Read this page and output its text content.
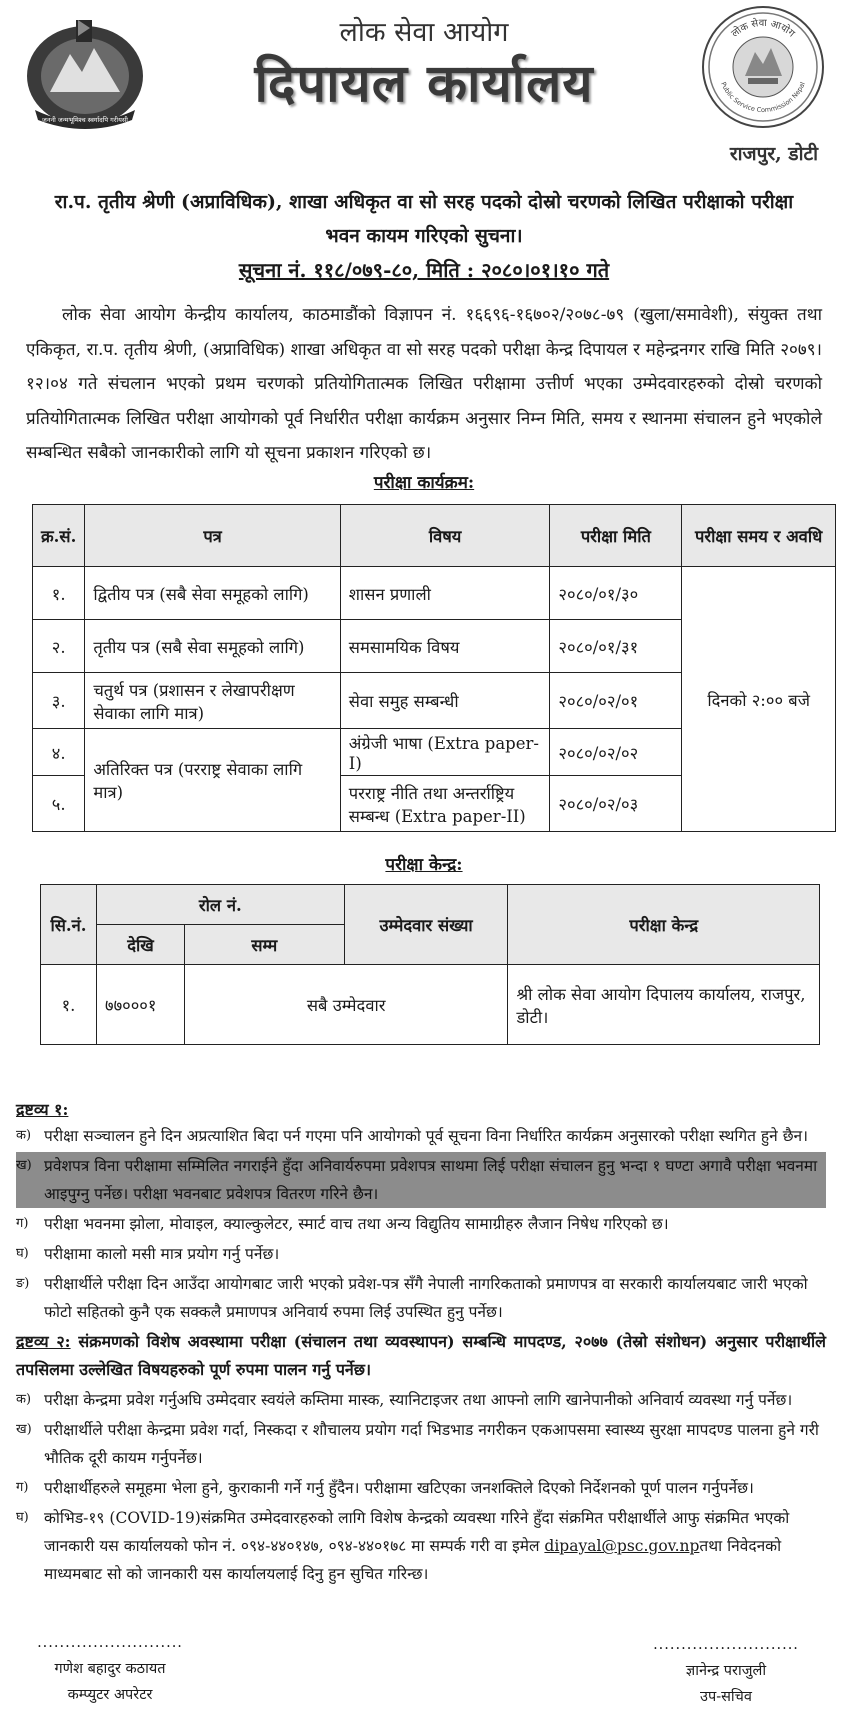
जननी जन्मभूमिश्च स्वर्गादपि गरीयसी
लोक सेवा आयोग
Public Service Commission Nepal
लोक सेवा आयोग
दिपायल कार्यालय
राजपुर, डोटी
रा.प. तृतीय श्रेणी (अप्राविधिक), शाखा अधिकृत वा सो सरह पदको दोस्रो चरणको लिखित परीक्षाको परीक्षा
भवन कायम गरिएको सुचना।
सूचना नं. ११८/०७९-८०, मिति : २०८०।०१।१० गते
लोक सेवा आयोग केन्द्रीय कार्यालय, काठमाडौंको विज्ञापन नं. १६६९६-१६७०२/२०७८-७९ (खुला/समावेशी), संयुक्त तथा एकिकृत, रा.प. तृतीय श्रेणी, (अप्राविधिक) शाखा अधिकृत वा सो सरह पदको परीक्षा केन्द्र दिपायल र महेन्द्रनगर राखि मिति २०७९।१२।०४ गते संचलान भएको प्रथम चरणको प्रतियोगितात्मक लिखित परीक्षामा उत्तीर्ण भएका उम्मेदवारहरुको दोस्रो चरणको प्रतियोगितात्मक लिखित परीक्षा आयोगको पूर्व निर्धारीत परीक्षा कार्यक्रम अनुसार निम्न मिति, समय र स्थानमा संचालन हुने भएकोले सम्बन्धित सबैको जानकारीको लागि यो सूचना प्रकाशन गरिएको छ।
परीक्षा कार्यक्रम:
क्र.सं.	पत्र	विषय	परीक्षा मिति	परीक्षा समय र अवधि
१.	द्वितीय पत्र (सबै सेवा समूहको लागि)	शासन प्रणाली	२०८०/०१/३०	दिनको २:०० बजे
२.	तृतीय पत्र (सबै सेवा समूहको लागि)	समसामयिक विषय	२०८०/०१/३१	
३.	चतुर्थ पत्र (प्रशासन र लेखापरीक्षण सेवाका लागि मात्र)	सेवा समुह सम्बन्धी	२०८०/०२/०१	
४.	अतिरिक्त पत्र (परराष्ट्र सेवाका लागि मात्र)	अंग्रेजी भाषा (Extra paper-I)	२०८०/०२/०२	
५.		परराष्ट्र नीति तथा अन्तर्राष्ट्रिय सम्बन्ध (Extra paper-II)	२०८०/०२/०३	
परीक्षा केन्द्र:
सि.नं.	रोल नं.		उम्मेदवार संख्या	परीक्षा केन्द्र
	देखि	सम्म		
१.	७७०००१	सबै उम्मेदवार		श्री लोक सेवा आयोग दिपालय कार्यालय, राजपुर, डोटी।
द्रष्टव्य १:
क) परीक्षा सञ्चालन हुने दिन अप्रत्याशित बिदा पर्न गएमा पनि आयोगको पूर्व सूचना विना निर्धारित कार्यक्रम अनुसारको परीक्षा स्थगित हुने छैन।
ख) प्रवेशपत्र विना परीक्षामा सम्मिलित नगराईने हुँदा अनिवार्यरुपमा प्रवेशपत्र साथमा लिई परीक्षा संचालन हुनु भन्दा १ घण्टा अगावै परीक्षा भवनमा आइपुग्नु पर्नेछ। परीक्षा भवनबाट प्रवेशपत्र वितरण गरिने छैन।
ग)	परीक्षा भवनमा झोला, मोवाइल, क्याल्कुलेटर, स्मार्ट वाच तथा अन्य विद्युतिय सामाग्रीहरु लैजान निषेध गरिएको छ।
घ) परीक्षामा कालो मसी मात्र प्रयोग गर्नु पर्नेछ।
ङ) परीक्षार्थीले परीक्षा दिन आउँदा आयोगबाट जारी भएको प्रवेश-पत्र सँगै नेपाली नागरिकताको प्रमाणपत्र वा सरकारी कार्यालयबाट जारी भएको फोटो सहितको कुनै एक सक्कलै प्रमाणपत्र अनिवार्य रुपमा लिई उपस्थित हुनु पर्नेछ।
द्रष्टव्य २: संक्रमणको विशेष अवस्थामा परीक्षा (संचालन तथा व्यवस्थापन) सम्बन्धि मापदण्ड, २०७७ (तेस्रो संशोधन) अनुसार परीक्षार्थीले तपसिलमा उल्लेखित विषयहरुको पूर्ण रुपमा पालन गर्नु पर्नेछ।
क) परीक्षा केन्द्रमा प्रवेश गर्नुअघि उम्मेदवार स्वयंले कम्तिमा मास्क, स्यानिटाइजर तथा आफ्नो लागि खानेपानीको अनिवार्य व्यवस्था गर्नु पर्नेछ।
ख) परीक्षार्थीले परीक्षा केन्द्रमा प्रवेश गर्दा, निस्कदा र शौचालय प्रयोग गर्दा भिडभाड नगरीकन एकआपसमा स्वास्थ्य सुरक्षा मापदण्ड पालना हुने गरी भौतिक दूरी कायम गर्नुपर्नेछ।
ग)	परीक्षार्थीहरुले समूहमा भेला हुने, कुराकानी गर्ने गर्नु हुँदैन। परीक्षामा खटिएका जनशक्तिले दिएको निर्देशनको पूर्ण पालन गर्नुपर्नेछ।
घ) कोभिड-१९ (COVID-19)संक्रमित उम्मेदवारहरुको लागि विशेष केन्द्रको व्यवस्था गरिने हुँदा संक्रमित परीक्षार्थीले आफु संक्रमित भएको जानकारी यस कार्यालयको फोन नं. ०९४-४४०१४७, ०९४-४४०१७८ मा सम्पर्क गरी वा इमेल dipayal@psc.gov.npतथा निवेदनको माध्यमबाट सो को जानकारी यस कार्यालयलाई दिनु हुन सुचित गरिन्छ।
..........................
गणेश बहादुर कठायत
कम्प्युटर अपरेटर
..........................
ज्ञानेन्द्र पराजुली
उप-सचिव
